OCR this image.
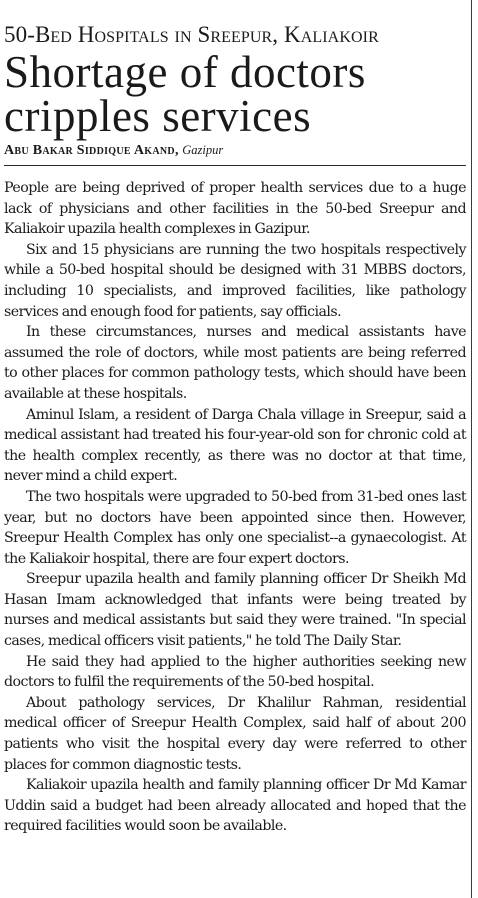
50-Bed Hospitals in Sreepur, Kaliakoir
Shortage of doctors
cripples services
Abu Bakar Siddique Akand, Gazipur

People are being deprived of proper health services due to a huge lack of physicians and other facilities in the 50-bed Sreepur and Kaliakoir upazila health complexes in Gazipur.

Six and 15 physicians are running the two hospitals respectively while a 50-bed hospital should be designed with 31 MBBS doctors, including 10 specialists, and improved facilities, like pathology services and enough food for patients, say officials.

In these circumstances, nurses and medical assistants have assumed the role of doctors, while most patients are being referred to other places for common pathology tests, which should have been available at these hospitals.

Aminul Islam, a resident of Darga Chala village in Sreepur, said a medical assistant had treated his four-year-old son for chronic cold at the health complex recently, as there was no doctor at that time, never mind a child expert.

The two hospitals were upgraded to 50-bed from 31-bed ones last year, but no doctors have been appointed since then. However, Sreepur Health Complex has only one specialist--a gynaecologist. At the Kaliakoir hospital, there are four expert doctors.

Sreepur upazila health and family planning officer Dr Sheikh Md Hasan Imam acknowledged that infants were being treated by nurses and medical assistants but said they were trained. "In special cases, medical officers visit patients," he told The Daily Star.

He said they had applied to the higher authorities seeking new doctors to fulfil the requirements of the 50-bed hospital.

About pathology services, Dr Khalilur Rahman, residential medical officer of Sreepur Health Complex, said half of about 200 patients who visit the hospital every day were referred to other places for common diagnostic tests.

Kaliakoir upazila health and family planning officer Dr Md Kamar Uddin said a budget had been already allocated and hoped that the required facilities would soon be available.
